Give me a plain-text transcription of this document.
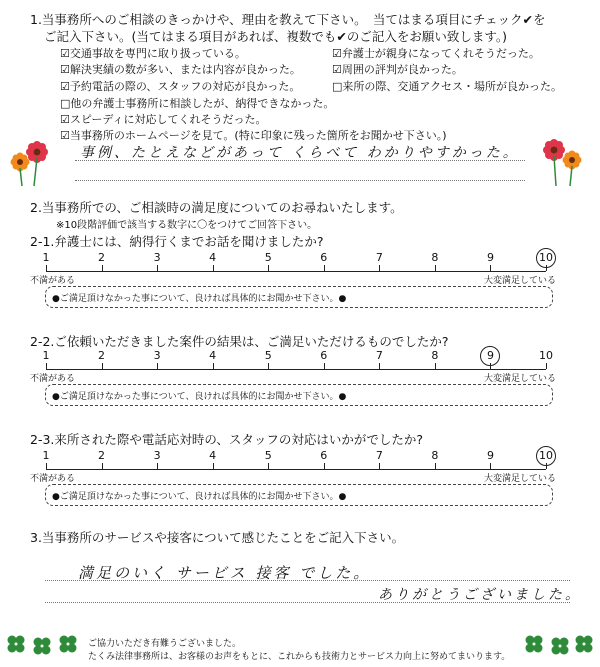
1.当事務所へのご相談のきっかけや、理由を教えて下さい。　当てはまる項目にチェック✔を
ご記入下さい。(当てはまる項目があれば、複数でも✔のご記入をお願い致します。)
☑交通事故を専門に取り扱っている。
☑解決実績の数が多い、または内容が良かった。
☑予約電話の際の、スタッフの対応が良かった。
□他の弁護士事務所に相談したが、納得できなかった。
☑スピーディに対応してくれそうだった。
☑当事務所のホームページを見て。(特に印象に残った箇所をお聞かせ下さい。)
☑弁護士が親身になってくれそうだった。
☑周囲の評判が良かった。
□来所の際、交通アクセス・場所が良かった。
事例、たとえなどがあって くらべて わかりやすかった。
2.当事務所での、ご相談時の満足度についてのお尋ねいたします。
※10段階評価で該当する数字に〇をつけてご回答下さい。
2-1.弁護士には、納得行くまでお話を聞けましたか?
1	2	3	4	5	6	7	8	9	10
不満がある	大変満足している
●ご満足頂けなかった事について、良ければ具体的にお聞かせ下さい。●
2-2.ご依頼いただきました案件の結果は、ご満足いただけるものでしたか?
1	2	3	4	5	6	7	8	9	10
不満がある	大変満足している
●ご満足頂けなかった事について、良ければ具体的にお聞かせ下さい。●
2-3.来所された際や電話応対時の、スタッフの対応はいかがでしたか?
1	2	3	4	5	6	7	8	9	10
不満がある	大変満足している
●ご満足頂けなかった事について、良ければ具体的にお聞かせ下さい。●
3.当事務所のサービスや接客について感じたことをご記入下さい。
満足のいく サービス 接客 でした。
ありがとうございました。
ご協力いただき有難うございました。
たくみ法律事務所は、お客様のお声をもとに、これからも技術力とサービス力向上に努めてまいります。
